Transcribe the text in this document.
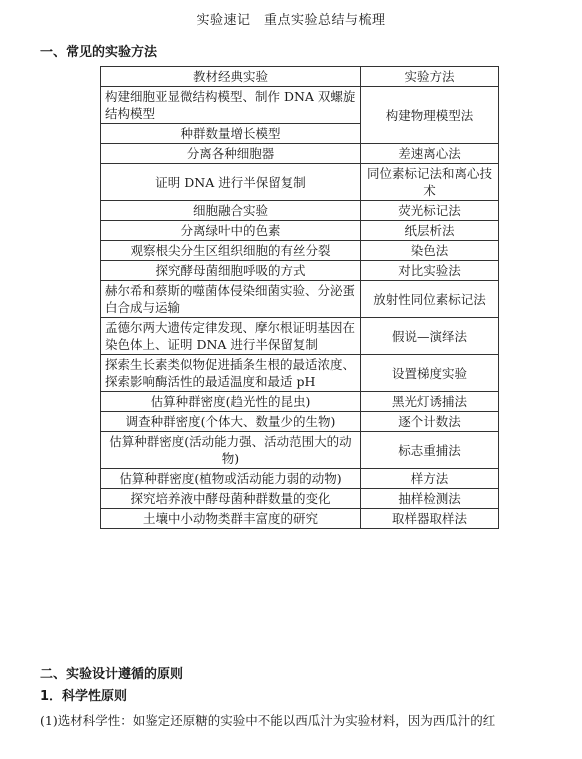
实验速记　重点实验总结与梳理
一、常见的实验方法
教材经典实验	实验方法
构建细胞亚显微结构模型、制作 DNA 双螺旋结构模型	构建物理模型法
种群数量增长模型	
分离各种细胞器	差速离心法
证明 DNA 进行半保留复制	同位素标记法和离心技术
细胞融合实验	荧光标记法
分离绿叶中的色素	纸层析法
观察根尖分生区组织细胞的有丝分裂	染色法
探究酵母菌细胞呼吸的方式	对比实验法
赫尔希和蔡斯的噬菌体侵染细菌实验、分泌蛋白合成与运输	放射性同位素标记法
孟德尔两大遗传定律发现、摩尔根证明基因在染色体上、证明 DNA 进行半保留复制	假说—演绎法
探索生长素类似物促进插条生根的最适浓度、探索影响酶活性的最适温度和最适 pH	设置梯度实验
估算种群密度(趋光性的昆虫)	黑光灯诱捕法
调查种群密度(个体大、数量少的生物)	逐个计数法
估算种群密度(活动能力强、活动范围大的动物)	标志重捕法
估算种群密度(植物或活动能力弱的动物)	样方法
探究培养液中酵母菌种群数量的变化	抽样检测法
土壤中小动物类群丰富度的研究	取样器取样法
二、实验设计遵循的原则
1．科学性原则
(1)选材科学性：如鉴定还原糖的实验中不能以西瓜汁为实验材料，因为西瓜汁的红
